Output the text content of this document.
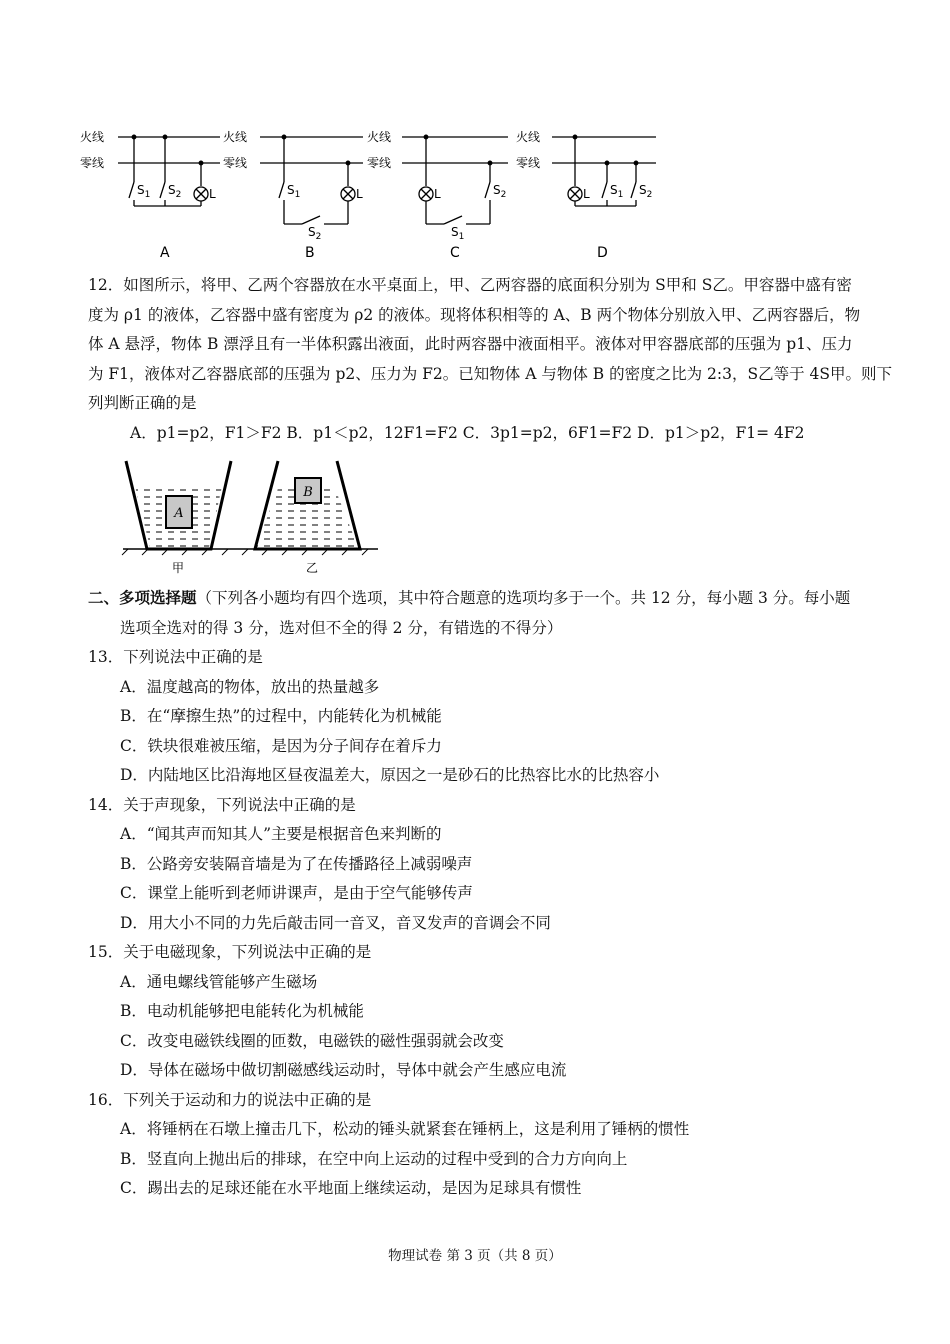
火线
零线
火线
零线
火线
零线
火线
零线
$S_1$ $S_2$ L	$S_1$	L
$S_2$
L	$S_2$
$S_1$
L $S_1$ $S_2$
A	B	C	D
12．如图所示，将甲、乙两个容器放在水平桌面上，甲、乙两容器的底面积分别为 S甲和 S乙。甲容器中盛有密
度为 ρ1 的液体，乙容器中盛有密度为 ρ2 的液体。现将体积相等的 A、B 两个物体分别放入甲、乙两容器后，物
体 A 悬浮，物体 B 漂浮且有一半体积露出液面，此时两容器中液面相平。液体对甲容器底部的压强为 p1、压力
为 F1，液体对乙容器底部的压强为 p2、压力为 F2。已知物体 A 与物体 B 的密度之比为 2:3，S乙等于 4S甲。则下
列判断正确的是
A．p1=p2，F1＞F2 B．p1＜p2，12F1=F2 C．3p1=p2，6F1=F2 D．p1＞p2，F1= 4F2
A
B
甲	乙
二、多项选择题（下列各小题均有四个选项，其中符合题意的选项均多于一个。共 12 分，每小题 3 分。每小题
选项全选对的得 3 分，选对但不全的得 2 分，有错选的不得分）
13．下列说法中正确的是
A．温度越高的物体，放出的热量越多
B．在“摩擦生热”的过程中，内能转化为机械能
C．铁块很难被压缩，是因为分子间存在着斥力
D．内陆地区比沿海地区昼夜温差大，原因之一是砂石的比热容比水的比热容小
14．关于声现象，下列说法中正确的是
A．“闻其声而知其人”主要是根据音色来判断的
B．公路旁安装隔音墙是为了在传播路径上减弱噪声
C．课堂上能听到老师讲课声，是由于空气能够传声
D．用大小不同的力先后敲击同一音叉，音叉发声的音调会不同
15．关于电磁现象，下列说法中正确的是
A．通电螺线管能够产生磁场
B．电动机能够把电能转化为机械能
C．改变电磁铁线圈的匝数，电磁铁的磁性强弱就会改变
D．导体在磁场中做切割磁感线运动时，导体中就会产生感应电流
16．下列关于运动和力的说法中正确的是
A．将锤柄在石墩上撞击几下，松动的锤头就紧套在锤柄上，这是利用了锤柄的惯性
B．竖直向上抛出后的排球，在空中向上运动的过程中受到的合力方向向上
C．踢出去的足球还能在水平地面上继续运动，是因为足球具有惯性
物理试卷 第 3 页（共 8 页）
